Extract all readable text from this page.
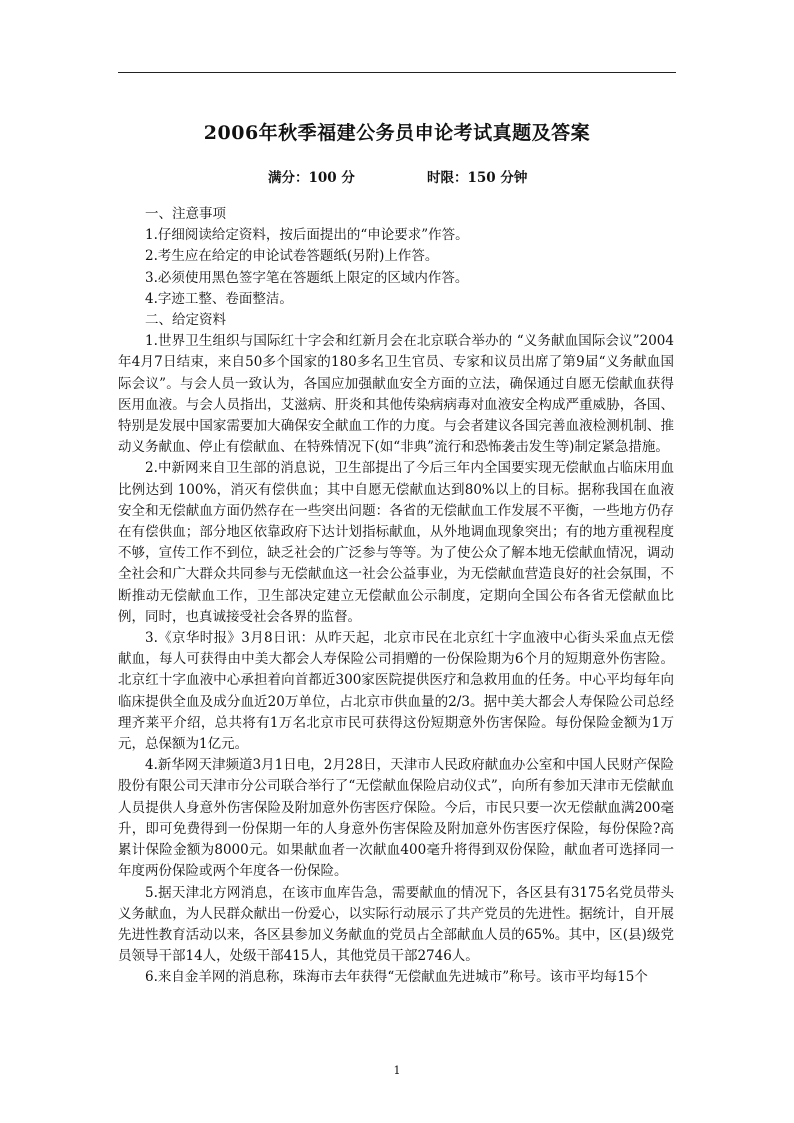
2006年秋季福建公务员申论考试真题及答案
满分：100 分	时限：150 分钟

一、注意事项

1.仔细阅读给定资料，按后面提出的“申论要求”作答。

2.考生应在给定的申论试卷答题纸(另附)上作答。

3.必须使用黑色签字笔在答题纸上限定的区域内作答。

4.字迹工整、卷面整洁。

二、给定资料

1.世界卫生组织与国际红十字会和红新月会在北京联合举办的 “义务献血国际会议”2004年4月7日结束，来自50多个国家的180多名卫生官员、专家和议员出席了第9届“义务献血国际会议”。与会人员一致认为，各国应加强献血安全方面的立法，确保通过自愿无偿献血获得医用血液。与会人员指出，艾滋病、肝炎和其他传染病病毒对血液安全构成严重威胁，各国、特别是发展中国家需要加大确保安全献血工作的力度。与会者建议各国完善血液检测机制、推动义务献血、停止有偿献血、在特殊情况下(如“非典”流行和恐怖袭击发生等)制定紧急措施。

2.中新网来自卫生部的消息说，卫生部提出了今后三年内全国要实现无偿献血占临床用血比例达到 100%，消灭有偿供血；其中自愿无偿献血达到80%以上的目标。据称我国在血液安全和无偿献血方面仍然存在一些突出问题：各省的无偿献血工作发展不平衡，一些地方仍存在有偿供血；部分地区依靠政府下达计划指标献血，从外地调血现象突出；有的地方重视程度不够，宣传工作不到位，缺乏社会的广泛参与等等。为了使公众了解本地无偿献血情况，调动全社会和广大群众共同参与无偿献血这一社会公益事业，为无偿献血营造良好的社会氛围，不断推动无偿献血工作，卫生部决定建立无偿献血公示制度，定期向全国公布各省无偿献血比例，同时，也真诚接受社会各界的监督。

3.《京华时报》3月8日讯：从昨天起，北京市民在北京红十字血液中心街头采血点无偿献血，每人可获得由中美大都会人寿保险公司捐赠的一份保险期为6个月的短期意外伤害险。北京红十字血液中心承担着向首都近300家医院提供医疗和急救用血的任务。中心平均每年向临床提供全血及成分血近20万单位，占北京市供血量的2/3。据中美大都会人寿保险公司总经理齐莱平介绍，总共将有1万名北京市民可获得这份短期意外伤害保险。每份保险金额为1万元，总保额为1亿元。

4.新华网天津频道3月1日电，2月28日，天津市人民政府献血办公室和中国人民财产保险股份有限公司天津市分公司联合举行了“无偿献血保险启动仪式”，向所有参加天津市无偿献血人员提供人身意外伤害保险及附加意外伤害医疗保险。今后，市民只要一次无偿献血满200毫升，即可免费得到一份保期一年的人身意外伤害保险及附加意外伤害医疗保险，每份保险?高累计保险金额为8000元。如果献血者一次献血400毫升将得到双份保险，献血者可选择同一年度两份保险或两个年度各一份保险。

5.据天津北方网消息，在该市血库告急，需要献血的情况下，各区县有3175名党员带头义务献血，为人民群众献出一份爱心，以实际行动展示了共产党员的先进性。据统计，自开展先进性教育活动以来，各区县参加义务献血的党员占全部献血人员的65%。其中，区(县)级党员领导干部14人，处级干部415人，其他党员干部2746人。

6.来自金羊网的消息称，珠海市去年获得“无偿献血先进城市”称号。该市平均每15个

1
